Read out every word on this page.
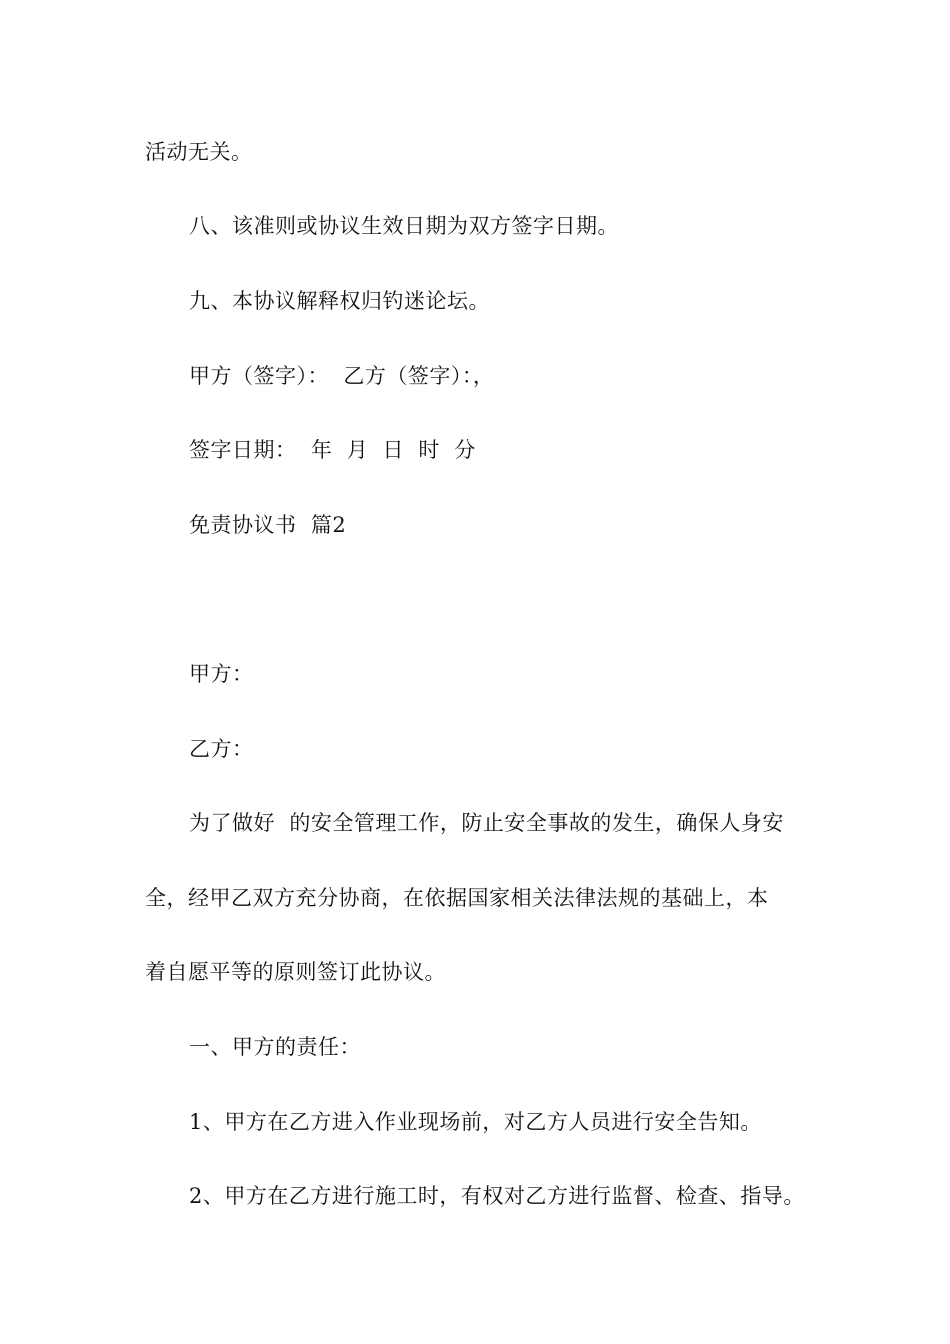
活动无关。
八、该准则或协议生效日期为双方签字日期。
九、本协议解释权归钓迷论坛。
甲方（签字）：  乙方（签字）：，
签字日期：  年  月  日  时  分
免责协议书  篇2
甲方：
乙方：
为了做好  的安全管理工作，防止安全事故的发生，确保人身安
全，经甲乙双方充分协商，在依据国家相关法律法规的基础上，本
着自愿平等的原则签订此协议。
一、甲方的责任：
1、甲方在乙方进入作业现场前，对乙方人员进行安全告知。
2、甲方在乙方进行施工时，有权对乙方进行监督、检查、指导。
